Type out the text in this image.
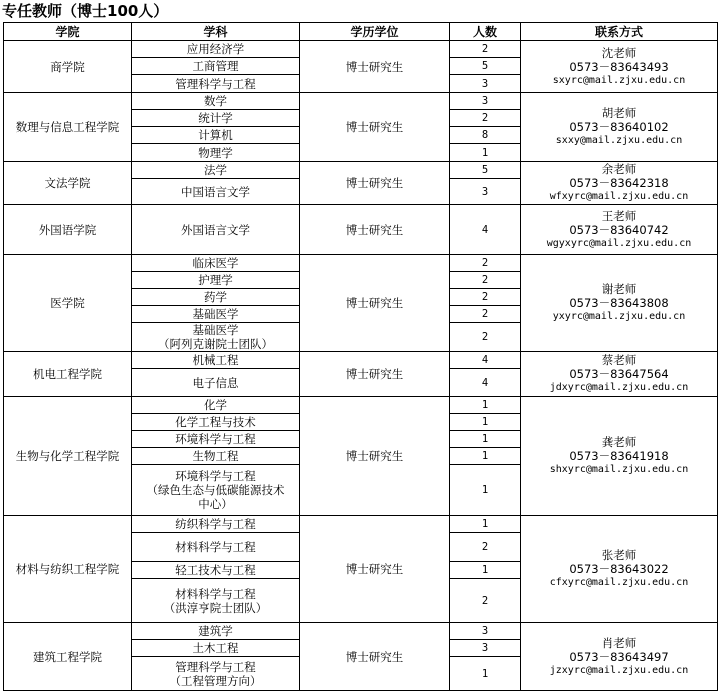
专任教师（博士100人）
学院	学科	学历学位	人数	联系方式
商学院	应用经济学	博士研究生	2	沈老师
0573－83643493
sxyrc@mail.zjxu.edu.cn

	工商管理		5	

	管理科学与工程		3	
数理与信息工程学院	数学	博士研究生	3	胡老师
0573－83640102
sxxy@mail.zjxu.edu.cn

	统计学		2	

	计算机		8	

	物理学		1	
文法学院	法学	博士研究生	5	余老师
0573－83642318
wfxyrc@mail.zjxu.edu.cn

	中国语言文学		3	
外国语学院	外国语言文学	博士研究生	4	王老师
0573－83640742
wgyxyrc@mail.zjxu.edu.cn

医学院	临床医学	博士研究生	2	谢老师
0573－83643808
yxyrc@mail.zjxu.edu.cn

	护理学		2	

	药学		2	

	基础医学		2	

	基础医学
（阿列克谢院士团队）		2	
机电工程学院	机械工程	博士研究生	4	蔡老师
0573－83647564
jdxyrc@mail.zjxu.edu.cn

	电子信息		4	
生物与化学工程学院	化学	博士研究生	1	龚老师
0573－83641918
shxyrc@mail.zjxu.edu.cn

	化学工程与技术		1	

	环境科学与工程		1	

	生物工程		1	

	环境科学与工程
（绿色生态与低碳能源技术
中心）		1	
材料与纺织工程学院	纺织科学与工程	博士研究生	1	张老师
0573－83643022
cfxyrc@mail.zjxu.edu.cn

	材料科学与工程		2	

	轻工技术与工程		1	

	材料科学与工程
（洪淳亨院士团队）		2	
建筑工程学院	建筑学	博士研究生	3	肖老师
0573－83643497
jzxyrc@mail.zjxu.edu.cn

	土木工程		3	

	管理科学与工程
（工程管理方向）		1	
